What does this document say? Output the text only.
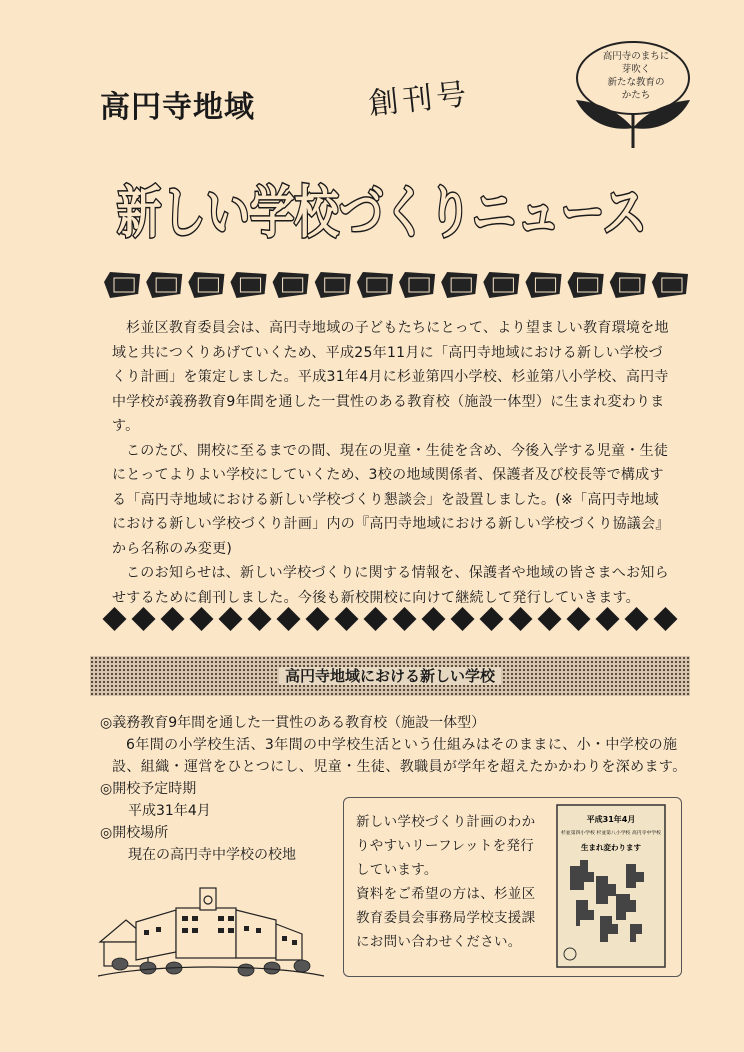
高円寺地域	創刊号
高円寺のまちに
芽吹く
新たな教育の
かたち
新しい学校づくりニュース

杉並区教育委員会は、高円寺地域の子どもたちにとって、より望ましい教育環境を地域と共につくりあげていくため、平成25年11月に「高円寺地域における新しい学校づくり計画」を策定しました。平成31年4月に杉並第四小学校、杉並第八小学校、高円寺中学校が義務教育9年間を通した一貫性のある教育校（施設一体型）に生まれ変わります。

このたび、開校に至るまでの間、現在の児童・生徒を含め、今後入学する児童・生徒にとってよりよい学校にしていくため、3校の地域関係者、保護者及び校長等で構成する「高円寺地域における新しい学校づくり懇談会」を設置しました。(※「高円寺地域における新しい学校づくり計画」内の『高円寺地域における新しい学校づくり協議会』から名称のみ変更)

このお知らせは、新しい学校づくりに関する情報を、保護者や地域の皆さまへお知らせするために創刊しました。今後も新校開校に向けて継続して発行していきます。

高円寺地域における新しい学校

◎義務教育9年間を通した一貫性のある教育校（施設一体型）

6年間の小学校生活、3年間の中学校生活という仕組みはそのままに、小・中学校の施設、組織・運営をひとつにし、児童・生徒、教職員が学年を超えたかかわりを深めます。

◎開校予定時期

平成31年4月

◎開校場所

現在の高円寺中学校の校地

新しい学校づくり計画のわか
りやすいリーフレットを発行
しています。
資料をご希望の方は、杉並区
教育委員会事務局学校支援課
にお問い合わせください。
平成31年4月
杉並第四小学校 杉並第八小学校 高円寺中学校
生まれ変わります
